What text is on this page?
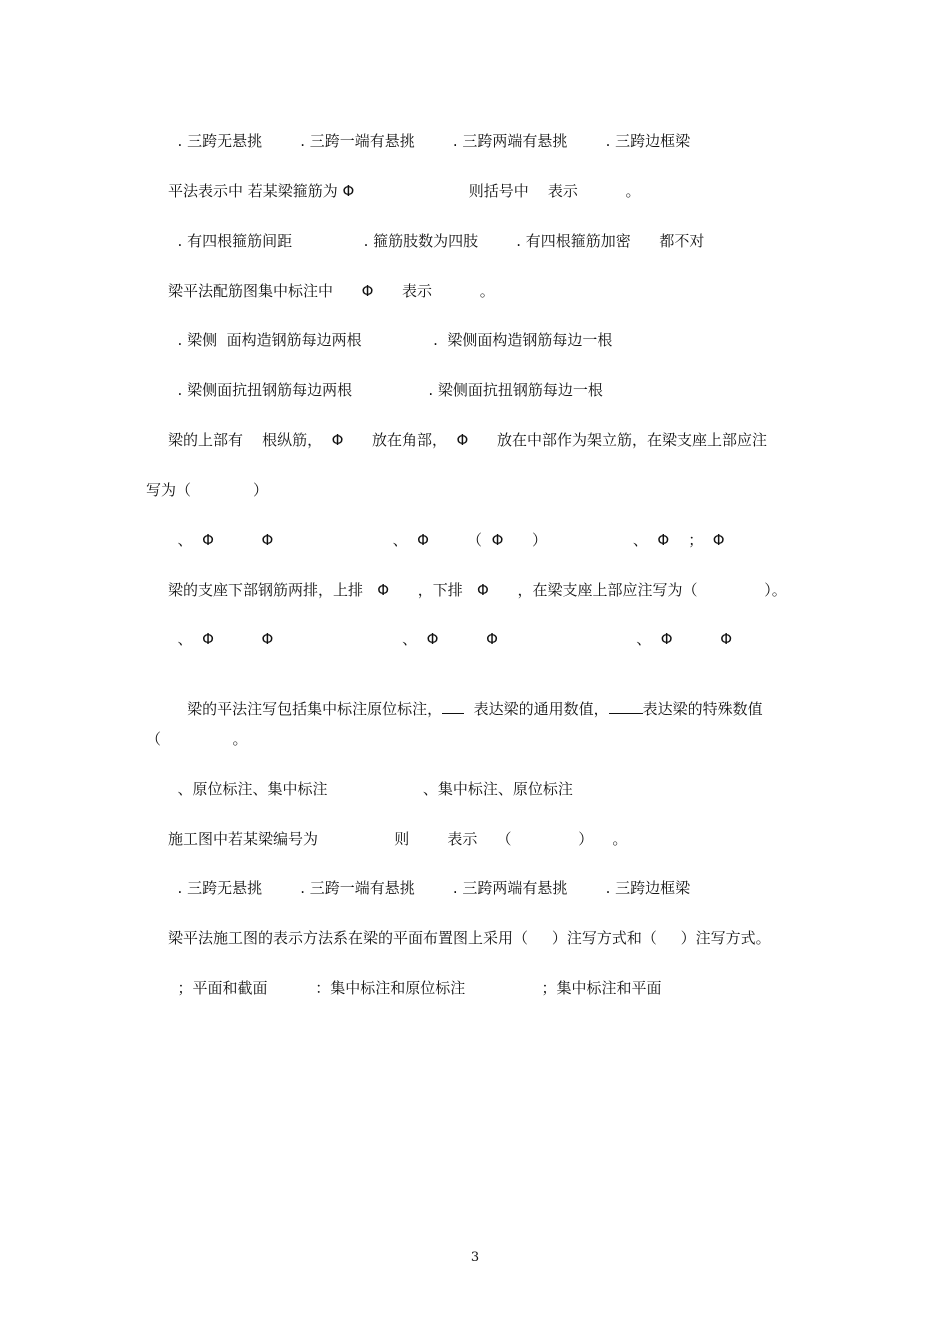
. 三跨无悬挑        . 三跨一端有悬挑        . 三跨两端有悬挑        . 三跨边框梁
平法表示中 若某梁箍筋为 Φ                        则括号中    表示          。
. 有四根箍筋间距               . 箍筋肢数为四肢        . 有四根箍筋加密      都不对
梁平法配筋图集中标注中      Φ      表示          。
. 梁侧  面构造钢筋每边两根               .  梁侧面构造钢筋每边一根
. 梁侧面抗扭钢筋每边两根                . 梁侧面抗扭钢筋每边一根
梁的上部有    根纵筋，  Φ      放在角部，  Φ      放在中部作为架立筋，在梁支座上部应注
写为（             ）
、  Φ          Φ                         、  Φ        （  Φ      ）                  、  Φ    ；  Φ
梁的支座下部钢筋两排，上排   Φ      ，下排   Φ      ，在梁支座上部应注写为（              ）。
、  Φ          Φ                           、  Φ          Φ                             、  Φ          Φ

梁的平法注写包括集中标注原位标注，  表达梁的通用数值， 表达梁的特殊数值

（               。
、原位标注、集中标注                    、集中标注、原位标注
施工图中若某梁编号为                则        表示    （              ）    。
. 三跨无悬挑        . 三跨一端有悬挑        . 三跨两端有悬挑        . 三跨边框梁
梁平法施工图的表示方法系在梁的平面布置图上采用（     ）注写方式和（     ）注写方式。
；平面和截面          ：集中标注和原位标注                ；集中标注和平面
3
